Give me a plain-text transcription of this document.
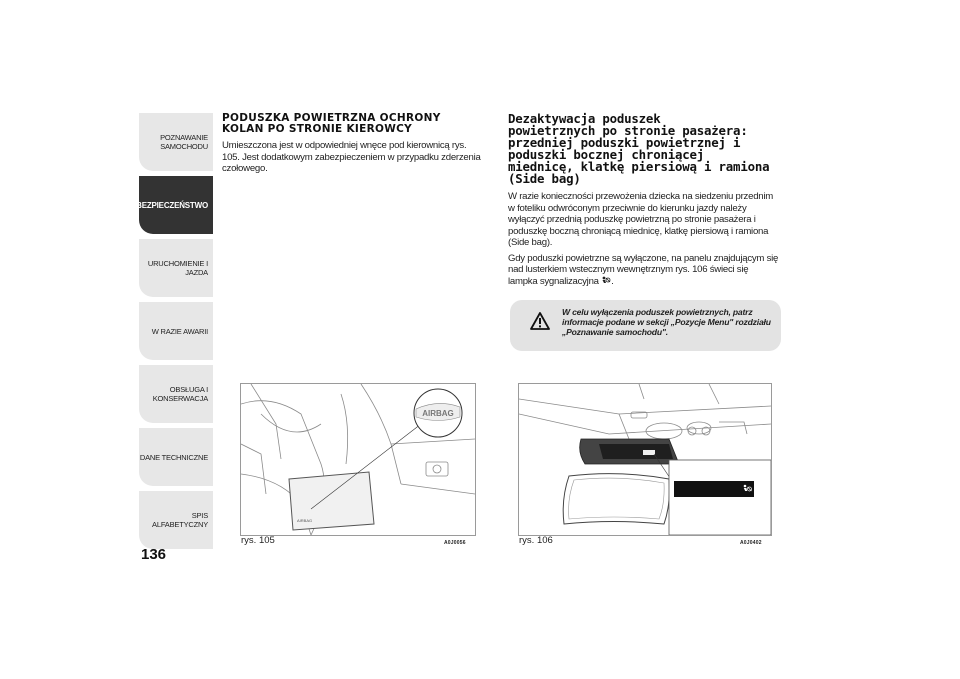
POZNAWANIE SAMOCHODU
BEZPIECZEŃSTWO
URUCHOMIENIE I JAZDA
W RAZIE AWARII
OBSŁUGA I KONSERWACJA
DANE TECHNICZNE
SPIS ALFABETYCZNY
136
PODUSZKA POWIETRZNA OCHRONY
KOLAN PO STRONIE KIEROWCY

Umieszczona jest w odpowiedniej wnęce pod kierownicą rys. 105. Jest dodatkowym zabezpieczeniem w przypadku zderzenia czołowego.

Dezaktywacja poduszek
powietrznych po stronie pasażera:
przedniej poduszki powietrznej i
poduszki bocznej chroniącej
miednicę, klatkę piersiową i ramiona
(Side bag)

W razie konieczności przewożenia dziecka na siedzeniu przednim w foteliku odwróconym przeciwnie do kierunku jazdy należy wyłączyć przednią poduszkę powietrzną po stronie pasażera i poduszkę boczną chroniącą miednicę, klatkę piersiową i ramiona (Side bag).

Gdy poduszki powietrzne są wyłączone, na panelu znajdującym się nad lusterkiem wstecznym wewnętrznym rys. 106 świeci się lampka sygnalizacyjna .

W celu wyłączenia poduszek powietrznych, patrz informacje podane w sekcji „Pozycje Menu" rozdziału „Poznawanie samochodu".
AIRBAG
AIRBAG
rys. 105	A0J0056	rys. 106	A0J0402
